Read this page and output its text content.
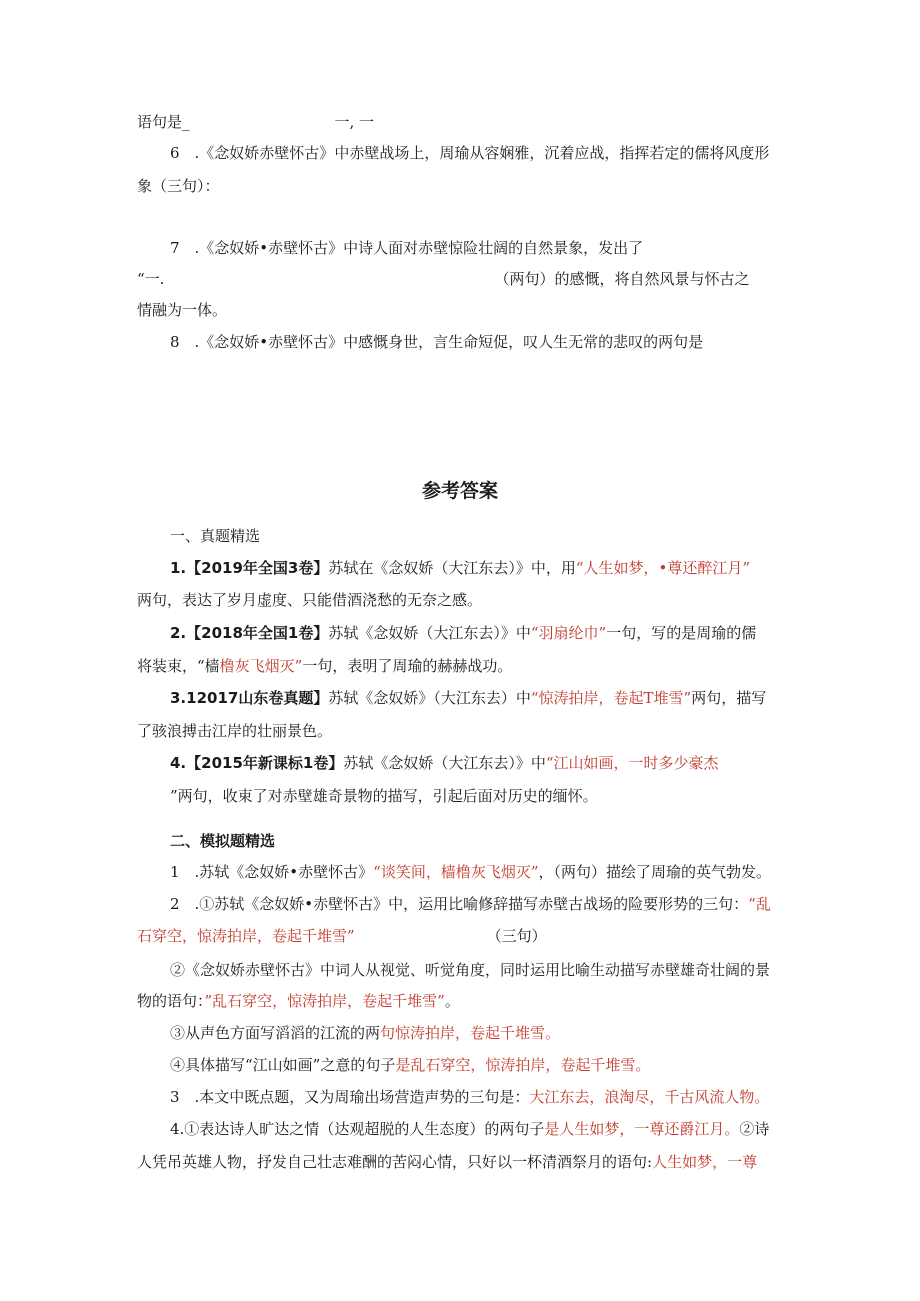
语句是_	一, 一
6　.《念奴娇赤壁怀古》中赤壁战场上，周瑜从容娴雅，沉着应战，指挥若定的儒将风度形
象（三句）：
7　.《念奴娇•赤壁怀古》中诗人面对赤壁惊险壮阔的自然景象，发出了
“一.	（两句）的感慨，将自然风景与怀古之
情融为一体。
8　.《念奴娇•赤壁怀古》中感慨身世，言生命短促，叹人生无常的悲叹的两句是
参考答案
一、真题精选
1.【2019年全国3卷】苏轼在《念奴娇（大江东去）》中，用“人生如梦，•尊还醉江月”
两句，表达了岁月虚度、只能借酒浇愁的无奈之感。
2.【2018年全国1卷】苏轼《念奴娇（大江东去）》中“羽扇纶巾”一句，写的是周瑜的儒
将装束，“樯橹灰飞烟灭”一句，表明了周瑜的赫赫战功。
3.12017山东卷真题】苏轼《念奴娇》（大江东去）中“惊涛拍岸，卷起T堆雪”两句，描写
了骇浪搏击江岸的壮丽景色。
4.【2015年新课标1卷】苏轼《念奴娇（大江东去）》中“江山如画，一时多少豪杰
”两句，收束了对赤壁雄奇景物的描写，引起后面对历史的缅怀。
二、模拟题精选
1　.苏轼《念奴娇•赤壁怀古》“谈笑间，樯橹灰飞烟灭”，（两句）描绘了周瑜的英气勃发。
2　.①苏轼《念奴娇•赤壁怀古》中，运用比喻修辞描写赤壁古战场的险要形势的三句：“乱
石穿空，惊涛拍岸，卷起千堆雪”	（三句）
②《念奴娇赤壁怀古》中词人从视觉、听觉角度，同时运用比喻生动描写赤壁雄奇壮阔的景
物的语句：”乱石穿空，惊涛拍岸，卷起千堆雪”。
③从声色方面写滔滔的江流的两句惊涛拍岸，卷起千堆雪。
④具体描写“江山如画”之意的句子是乱石穿空，惊涛拍岸，卷起千堆雪。
3　.本文中既点题，又为周瑜出场营造声势的三句是：大江东去，浪淘尽，千古风流人物。
4.①表达诗人旷达之情（达观超脱的人生态度）的两句子是人生如梦，一尊还爵江月。②诗
人凭吊英雄人物，抒发自己壮志难酬的苦闷心情，只好以一杯清酒祭月的语句:人生如梦，一尊
